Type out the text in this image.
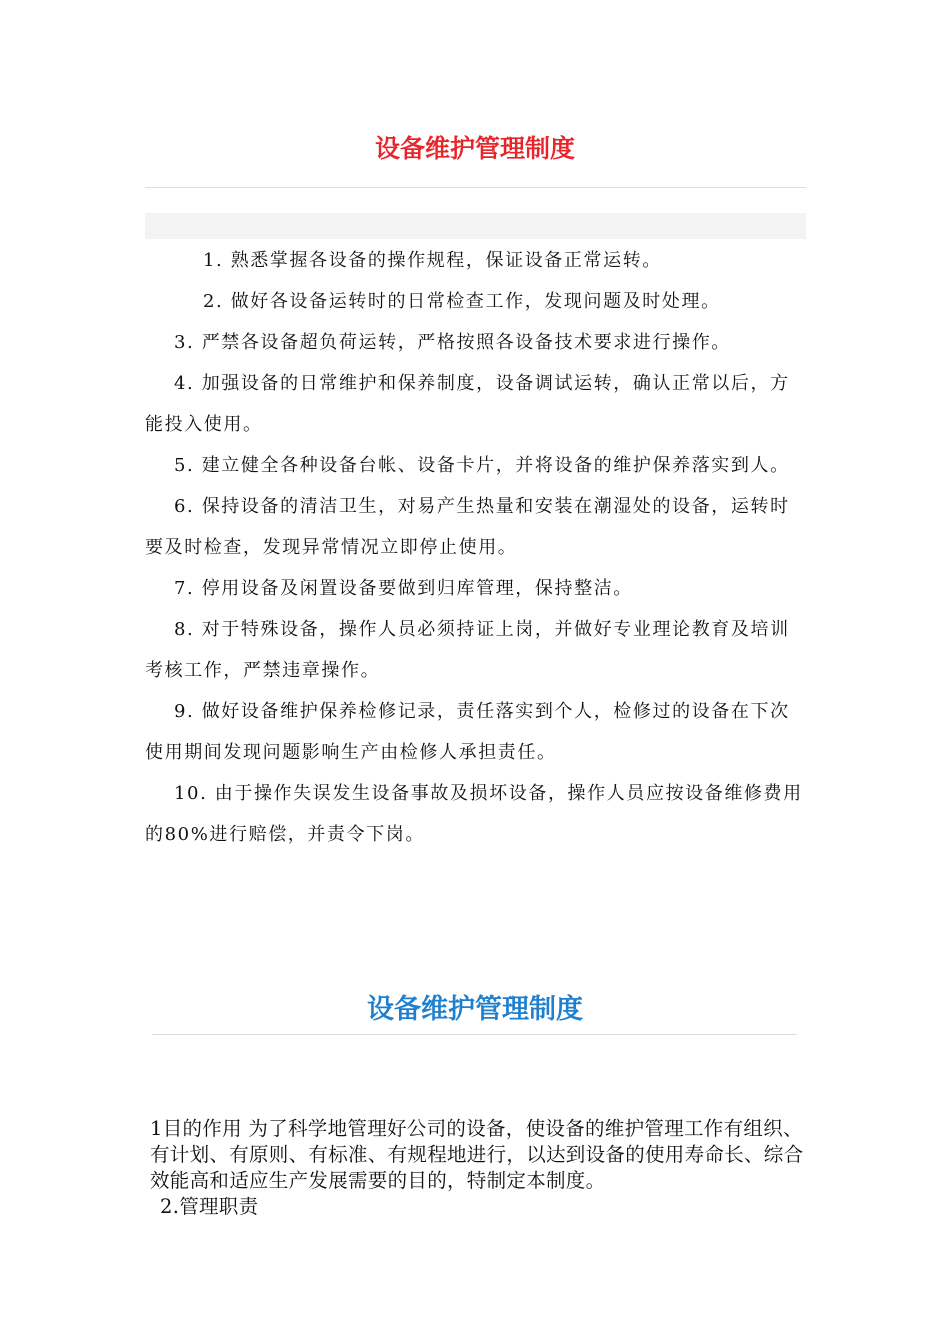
设备维护管理制度

1. 熟悉掌握各设备的操作规程，保证设备正常运转。

2. 做好各设备运转时的日常检查工作，发现问题及时处理。

3. 严禁各设备超负荷运转，严格按照各设备技术要求进行操作。

4. 加强设备的日常维护和保养制度，设备调试运转，确认正常以后，方能投入使用。

5. 建立健全各种设备台帐、设备卡片，并将设备的维护保养落实到人。

6. 保持设备的清洁卫生，对易产生热量和安装在潮湿处的设备，运转时要及时检查，发现异常情况立即停止使用。

7. 停用设备及闲置设备要做到归库管理，保持整洁。

8. 对于特殊设备，操作人员必须持证上岗，并做好专业理论教育及培训考核工作，严禁违章操作。

9. 做好设备维护保养检修记录，责任落实到个人，检修过的设备在下次使用期间发现问题影响生产由检修人承担责任。

10. 由于操作失误发生设备事故及损坏设备，操作人员应按设备维修费用的80%进行赔偿，并责令下岗。

设备维护管理制度

1目的作用 为了科学地管理好公司的设备，使设备的维护管理工作有组织、有计划、有原则、有标准、有规程地进行，以达到设备的使用寿命长、综合效能高和适应生产发展需要的目的，特制定本制度。

2.管理职责
